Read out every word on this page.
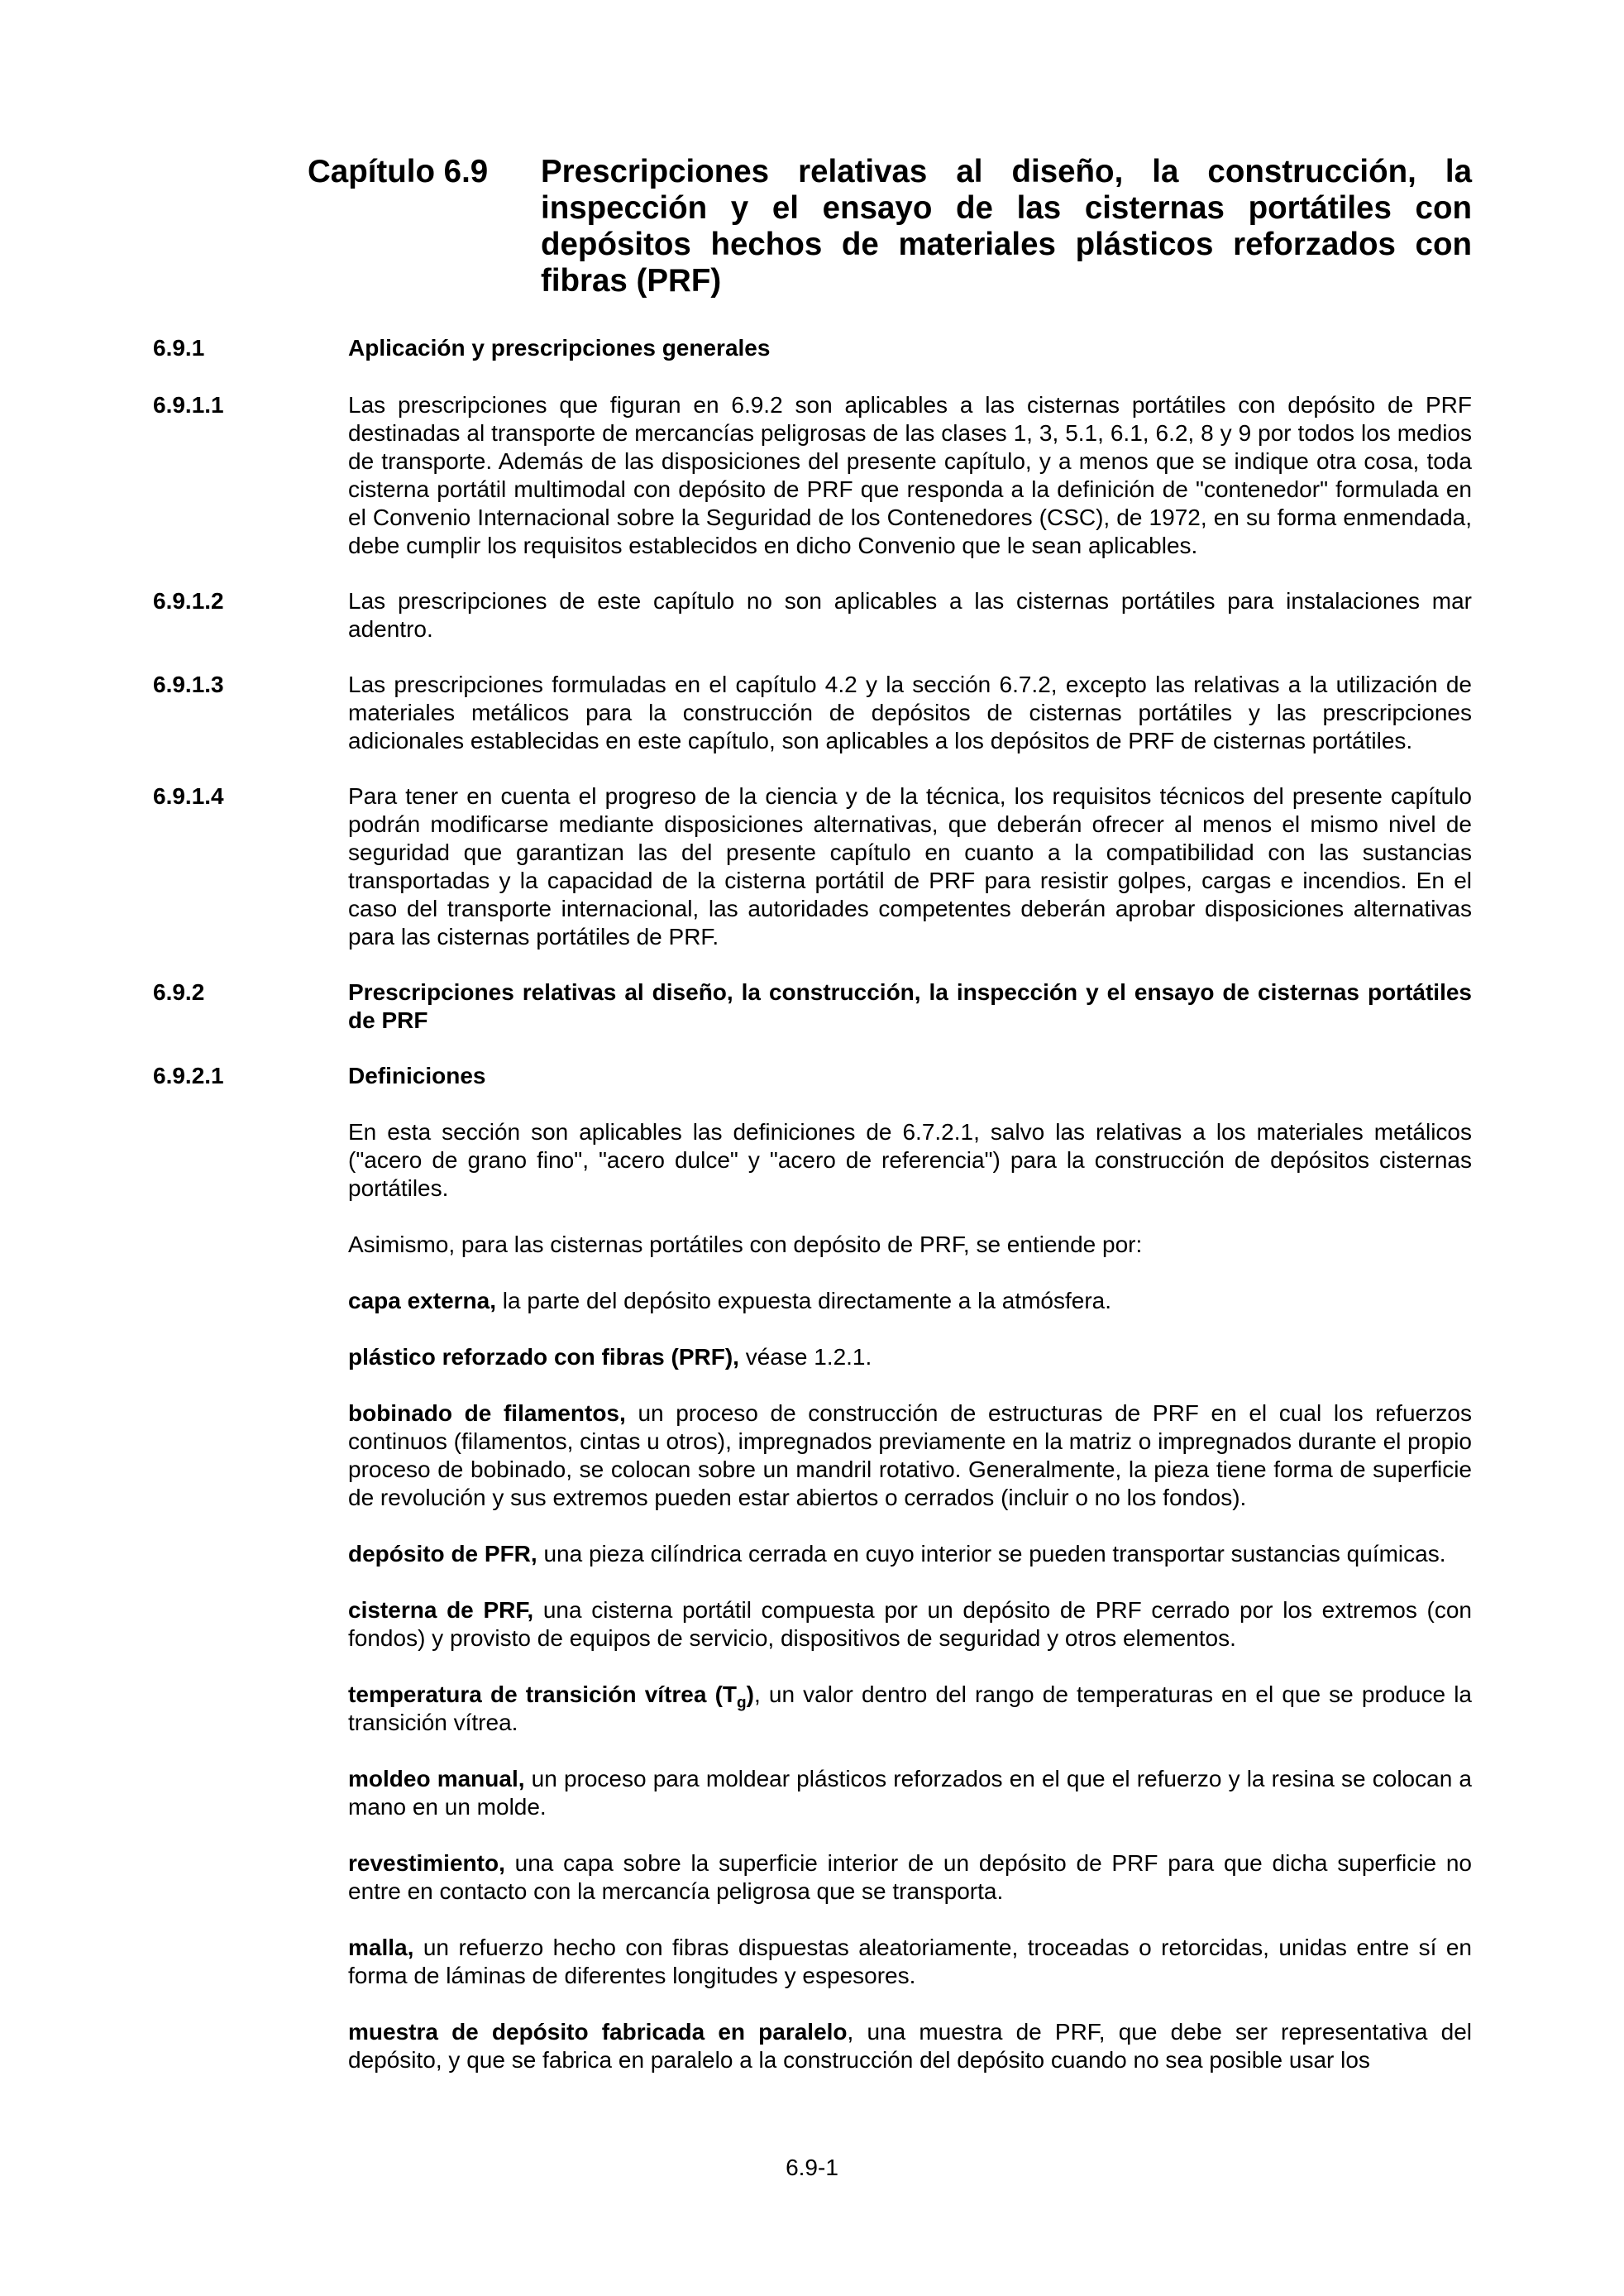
Capítulo 6.9	Prescripciones relativas al diseño, la construcción, la inspección y el ensayo de las cisternas portátiles con depósitos hechos de materiales plásticos reforzados con fibras (PRF)
6.9.1	Aplicación y prescripciones generales
6.9.1.1	Las prescripciones que figuran en 6.9.2 son aplicables a las cisternas portátiles con depósito de PRF destinadas al transporte de mercancías peligrosas de las clases 1, 3, 5.1, 6.1, 6.2, 8 y 9 por todos los medios de transporte. Además de las disposiciones del presente capítulo, y a menos que se indique otra cosa, toda cisterna portátil multimodal con depósito de PRF que responda a la definición de "contenedor" formulada en el Convenio Internacional sobre la Seguridad de los Contenedores (CSC), de 1972, en su forma enmendada, debe cumplir los requisitos establecidos en dicho Convenio que le sean aplicables.
6.9.1.2	Las prescripciones de este capítulo no son aplicables a las cisternas portátiles para instalaciones mar adentro.
6.9.1.3	Las prescripciones formuladas en el capítulo 4.2 y la sección 6.7.2, excepto las relativas a la utilización de materiales metálicos para la construcción de depósitos de cisternas portátiles y las prescripciones adicionales establecidas en este capítulo, son aplicables a los depósitos de PRF de cisternas portátiles.
6.9.1.4	Para tener en cuenta el progreso de la ciencia y de la técnica, los requisitos técnicos del presente capítulo podrán modificarse mediante disposiciones alternativas, que deberán ofrecer al menos el mismo nivel de seguridad que garantizan las del presente capítulo en cuanto a la compatibilidad con las sustancias transportadas y la capacidad de la cisterna portátil de PRF para resistir golpes, cargas e incendios. En el caso del transporte internacional, las autoridades competentes deberán aprobar disposiciones alternativas para las cisternas portátiles de PRF.
6.9.2	Prescripciones relativas al diseño, la construcción, la inspección y el ensayo de cisternas portátiles de PRF
6.9.2.1	Definiciones
En esta sección son aplicables las definiciones de 6.7.2.1, salvo las relativas a los materiales metálicos ("acero de grano fino", "acero dulce" y "acero de referencia") para la construcción de depósitos cisternas portátiles.
Asimismo, para las cisternas portátiles con depósito de PRF, se entiende por:
capa externa, la parte del depósito expuesta directamente a la atmósfera.
plástico reforzado con fibras (PRF), véase 1.2.1.
bobinado de filamentos, un proceso de construcción de estructuras de PRF en el cual los refuerzos continuos (filamentos, cintas u otros), impregnados previamente en la matriz o impregnados durante el propio proceso de bobinado, se colocan sobre un mandril rotativo. Generalmente, la pieza tiene forma de superficie de revolución y sus extremos pueden estar abiertos o cerrados (incluir o no los fondos).
depósito de PFR, una pieza cilíndrica cerrada en cuyo interior se pueden transportar sustancias químicas.
cisterna de PRF, una cisterna portátil compuesta por un depósito de PRF cerrado por los extremos (con fondos) y provisto de equipos de servicio, dispositivos de seguridad y otros elementos.
temperatura de transición vítrea $(T_g)$, un valor dentro del rango de temperaturas en el que se produce la transición vítrea.
moldeo manual, un proceso para moldear plásticos reforzados en el que el refuerzo y la resina se colocan a mano en un molde.
revestimiento, una capa sobre la superficie interior de un depósito de PRF para que dicha superficie no entre en contacto con la mercancía peligrosa que se transporta.
malla, un refuerzo hecho con fibras dispuestas aleatoriamente, troceadas o retorcidas, unidas entre sí en forma de láminas de diferentes longitudes y espesores.
muestra de depósito fabricada en paralelo, una muestra de PRF, que debe ser representativa del depósito, y que se fabrica en paralelo a la construcción del depósito cuando no sea posible usar los
6.9-1
